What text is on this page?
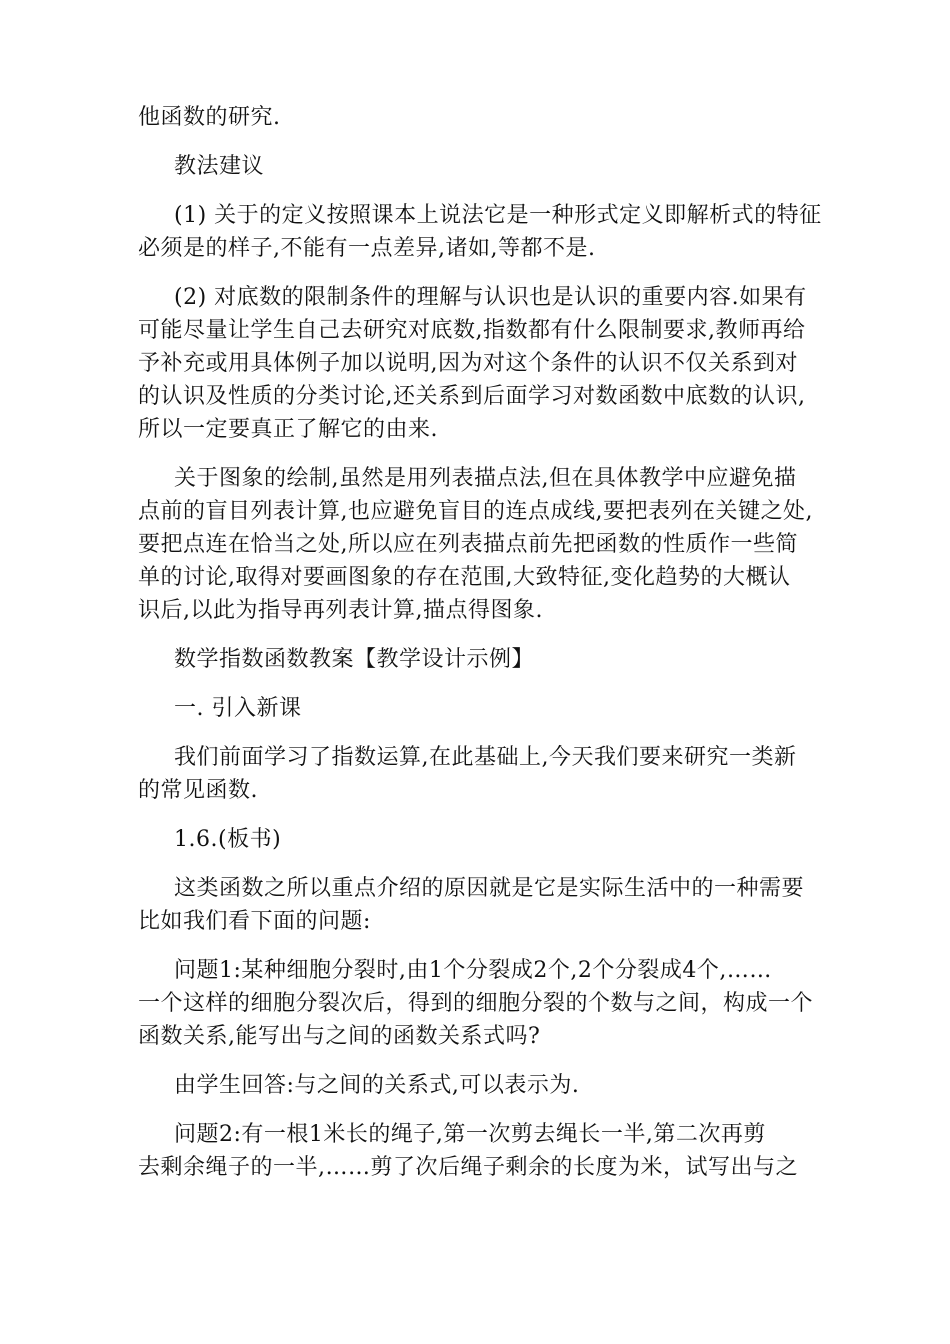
他函数的研究.

教法建议

(1) 关于的定义按照课本上说法它是一种形式定义即解析式的特征
必须是的样子,不能有一点差异,诸如,等都不是.

(2) 对底数的限制条件的理解与认识也是认识的重要内容.如果有
可能尽量让学生自己去研究对底数,指数都有什么限制要求,教师再给
予补充或用具体例子加以说明,因为对这个条件的认识不仅关系到对
的认识及性质的分类讨论,还关系到后面学习对数函数中底数的认识,
所以一定要真正了解它的由来.

关于图象的绘制,虽然是用列表描点法,但在具体教学中应避免描
点前的盲目列表计算,也应避免盲目的连点成线,要把表列在关键之处,
要把点连在恰当之处,所以应在列表描点前先把函数的性质作一些简
单的讨论,取得对要画图象的存在范围,大致特征,变化趋势的大概认
识后,以此为指导再列表计算,描点得图象.

数学指数函数教案【教学设计示例】

一. 引入新课

我们前面学习了指数运算,在此基础上,今天我们要来研究一类新
的常见函数.

1.6.(板书)

这类函数之所以重点介绍的原因就是它是实际生活中的一种需要
比如我们看下面的问题:

问题1:某种细胞分裂时,由1个分裂成2个,2个分裂成4个,……
一个这样的细胞分裂次后，得到的细胞分裂的个数与之间，构成一个
函数关系,能写出与之间的函数关系式吗?

由学生回答:与之间的关系式,可以表示为.

问题2:有一根1米长的绳子,第一次剪去绳长一半,第二次再剪
去剩余绳子的一半,……剪了次后绳子剩余的长度为米，试写出与之
